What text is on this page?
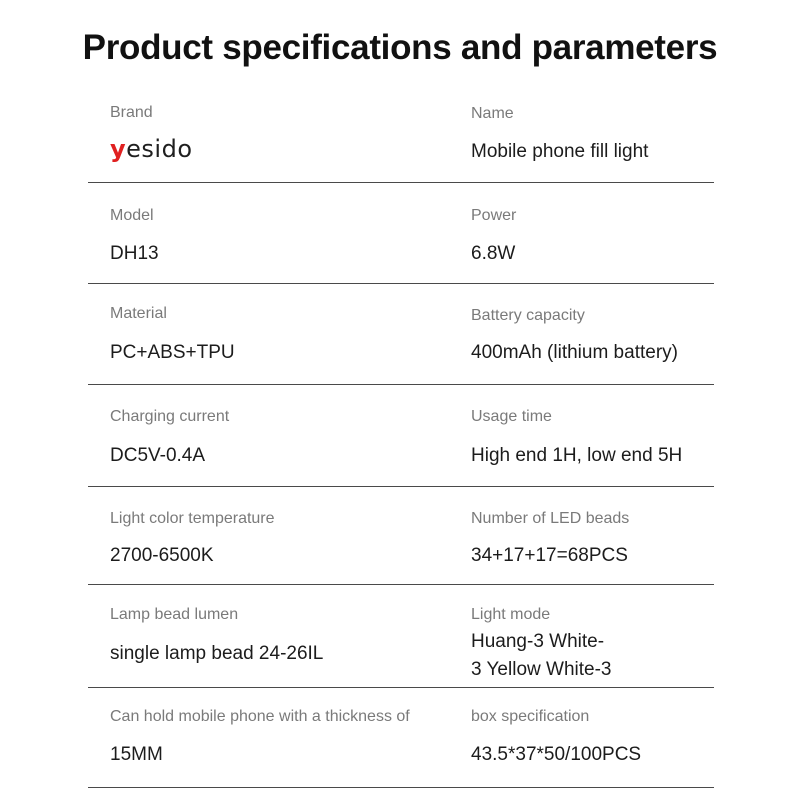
Product specifications and parameters
Brand
yesido
Name
Mobile phone fill light
Model
DH13
Power
6.8W
Material
PC+ABS+TPU
Battery capacity
400mAh (lithium battery)
Charging current
DC5V-0.4A
Usage time
High end 1H, low end 5H
Light color temperature
2700-6500K
Number of LED beads
34+17+17=68PCS
Lamp bead lumen
single lamp bead 24-26IL
Light mode
Huang-3 White-
3 Yellow White-3
Can hold mobile phone with a thickness of
15MM
box specification
43.5*37*50/100PCS
